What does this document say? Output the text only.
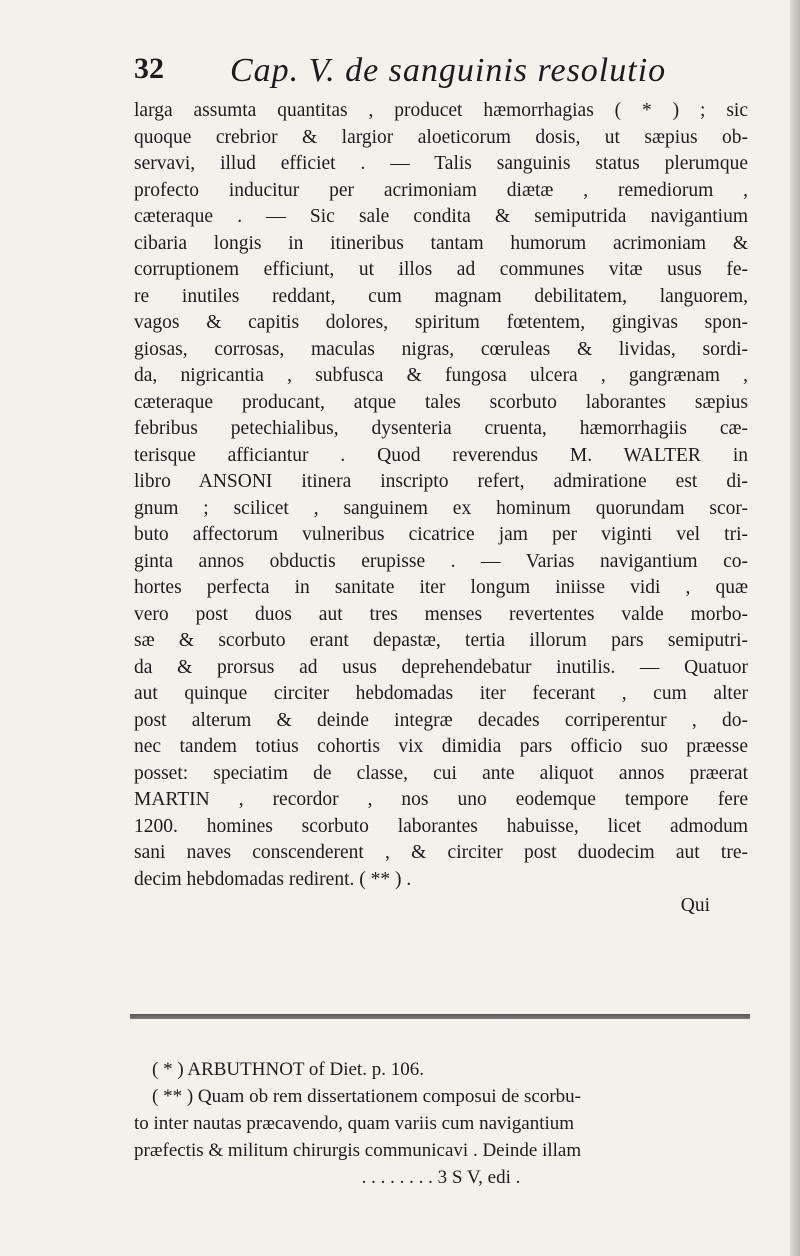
32 Cap. V. de sanguinis resolutio
larga assumta quantitas , producet hæmorrhagias ( * ) ; sic
quoque crebrior & largior aloeticorum dosis, ut sæpius ob-
servavi, illud efficiet . — Talis sanguinis status plerumque
profecto inducitur per acrimoniam diætæ , remediorum ,
cæteraque . — Sic sale condita & semiputrida navigantium
cibaria longis in itineribus tantam humorum acrimoniam &
corruptionem efficiunt, ut illos ad communes vitæ usus fe-
re inutiles reddant, cum magnam debilitatem, languorem,
vagos & capitis dolores, spiritum fœtentem, gingivas spon-
giosas, corrosas, maculas nigras, cœruleas & lividas, sordi-
da, nigricantia , subfusca & fungosa ulcera , gangrænam ,
cæteraque producant, atque tales scorbuto laborantes sæpius
febribus petechialibus, dysenteria cruenta, hæmorrhagiis cæ-
terisque afficiantur . Quod reverendus M. WALTER in
libro ANSONI itinera inscripto refert, admiratione est di-
gnum ; scilicet , sanguinem ex hominum quorundam scor-
buto affectorum vulneribus cicatrice jam per viginti vel tri-
ginta annos obductis erupisse . — Varias navigantium co-
hortes perfecta in sanitate iter longum iniisse vidi , quæ
vero post duos aut tres menses revertentes valde morbo-
sæ & scorbuto erant depastæ, tertia illorum pars semiputri-
da & prorsus ad usus deprehendebatur inutilis. — Quatuor
aut quinque circiter hebdomadas iter fecerant , cum alter
post alterum & deinde integræ decades corriperentur , do-
nec tandem totius cohortis vix dimidia pars officio suo præesse
posset: speciatim de classe, cui ante aliquot annos præerat
MARTIN , recordor , nos uno eodemque tempore fere
1200. homines scorbuto laborantes habuisse, licet admodum
sani naves conscenderent , & circiter post duodecim aut tre-
decim hebdomadas redirent. ( ** ) .
Qui
( * ) ARBUTHNOT of Diet. p. 106.
( ** ) Quam ob rem dissertationem composui de scorbu-
to inter nautas præcavendo, quam variis cum navigantium
præfectis & militum chirurgis communicavi . Deinde illam
. . . . . . . . 3 S V, edi .
